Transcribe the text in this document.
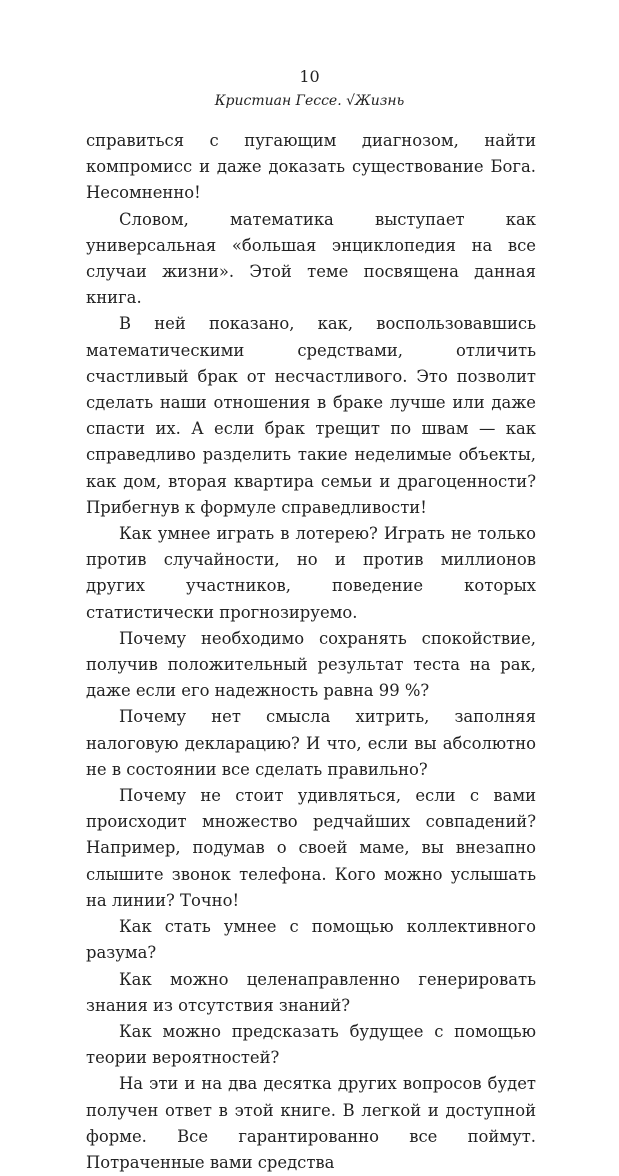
10
Кристиан Гессе. √Жизнь

справиться с пугающим диагнозом, найти компромисс и даже доказать существование Бога. Несомненно!

Словом, математика выступает как универсальная «большая энциклопедия на все случаи жизни». Этой теме посвящена данная книга.

В ней показано, как, воспользовавшись математическими средствами, отличить счастливый брак от несчастливого. Это позволит сделать наши отношения в браке лучше или даже спасти их. А если брак трещит по швам — как справедливо разделить такие неделимые объекты, как дом, вторая квартира семьи и драгоценности? Прибегнув к формуле справедливости!

Как умнее играть в лотерею? Играть не только против случайности, но и против миллионов других участников, поведение которых статистически прогнозируемо.

Почему необходимо сохранять спокойствие, получив положительный результат теста на рак, даже если его надежность равна 99 %?

Почему нет смысла хитрить, заполняя налоговую декларацию? И что, если вы абсолютно не в состоянии все сделать правильно?

Почему не стоит удивляться, если с вами происходит множество редчайших совпадений? Например, подумав о своей маме, вы внезапно слышите звонок телефона. Кого можно услышать на линии? Точно!

Как стать умнее с помощью коллективного разума?

Как можно целенаправленно генерировать знания из отсутствия знаний?

Как можно предсказать будущее с помощью теории вероятностей?

На эти и на два десятка других вопросов будет получен ответ в этой книге. В легкой и доступной форме. Все гарантированно все поймут. Потраченные вами средства
